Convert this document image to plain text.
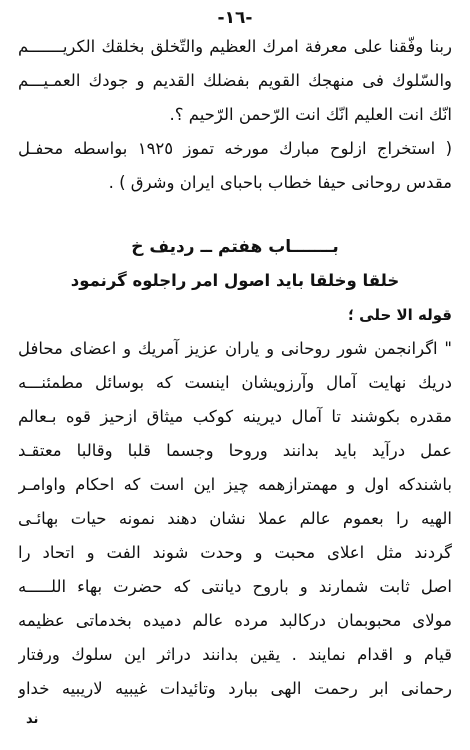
-١٦-
ربنا وفّقنا على معرفة امرك العظيم والتّخلق بخلقك الكريـــــــم
والسّلوك فى منهجك القويم بفضلك القديم و جودك العمـيـــم
انّك انت العليم انّك انت الرّحمن الرّحيم ؟.
( استخراج ازلوح مبارك مورخه تموز ١٩٢٥ بواسطه محفـل
مقدس روحانى حيفا خطاب باحباى ايران وشرق ) .
بـــــــاب هفتم ــ رديف خ
خلقا وخلقا بايد اصول امر راجلوه گرنمود
قوله الا حلى ؛
" اگرانجمن شور روحانى و ياران عزيز آمريك و اعضاى محافل
دريك نهايت آمال وآرزويشان اينست كه بوسائل مطمئنـــه
مقدره بكوشند تا آمال ديرينه كوكب ميثاق ازحيز قوه بـعالم
عمل درآيد بايد بدانند وروحا وجسما قلبا وقالبا معتقـد
باشندكه اول و مهمترازهمه چيز اين است كه احكام واوامـر
الهيه را بعموم عالم عملا نشان دهند نمونه حيات بهائـى
گردند مثل اعلاى محبت و وحدت شوند الفت و اتحاد را
اصل ثابت شمارند و باروح ديانتى كه حضرت بهاء اللـــــه
مولاى محبوبمان دركالبد مرده عالم دميده بخدماتى عظيمه
قيام و اقدام نمايند . يقين بدانند دراثر اين سلوك ورفتار
رحمانى ابر رحمت الهى ببارد وتائيدات غيبيه لاريبيه خداو
ند
